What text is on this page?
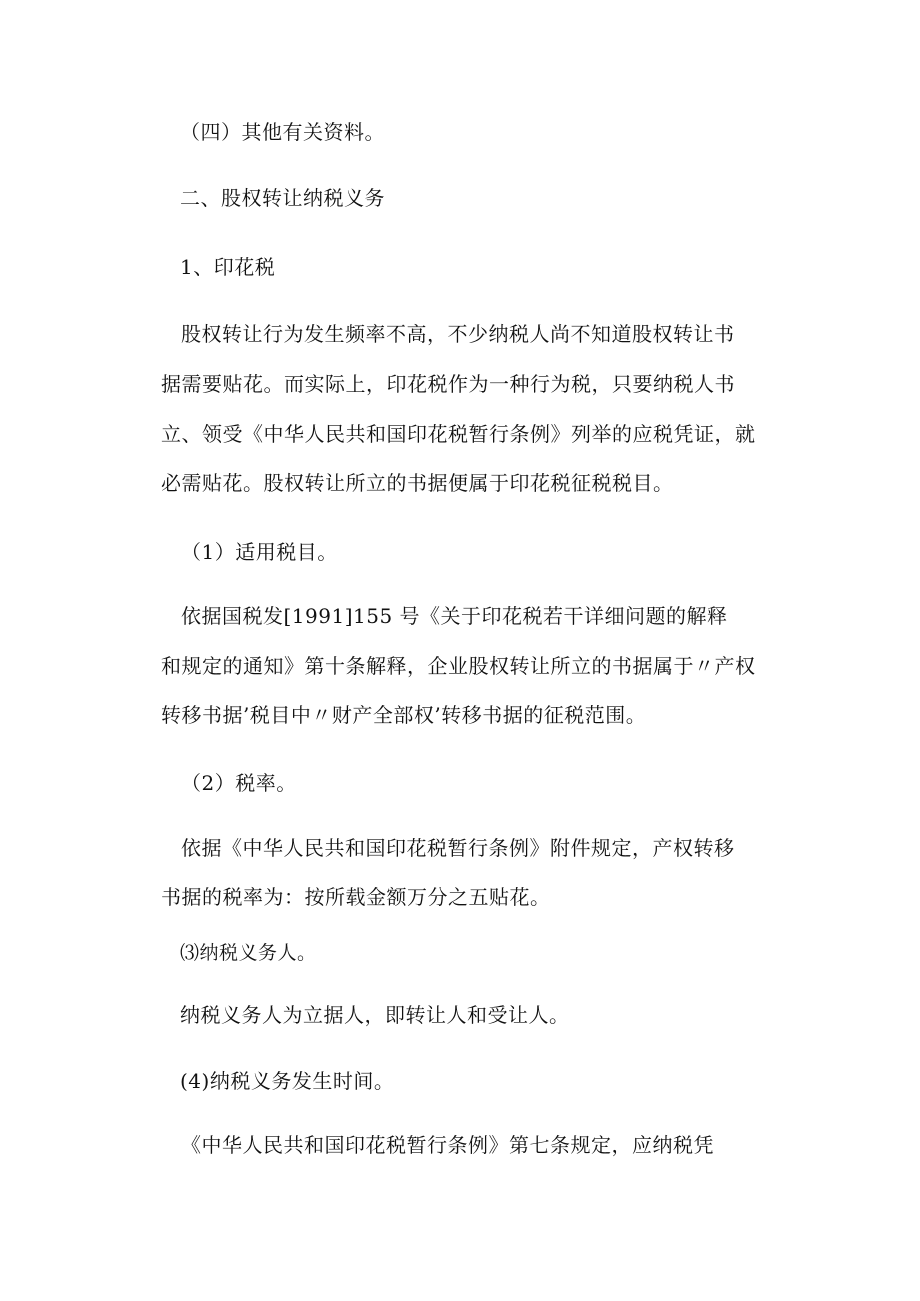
（四）其他有关资料。
二、股权转让纳税义务
1、印花税
股权转让行为发生频率不高，不少纳税人尚不知道股权转让书
据需要贴花。而实际上，印花税作为一种行为税，只要纳税人书
立、领受《中华人民共和国印花税暂行条例》列举的应税凭证，就
必需贴花。股权转让所立的书据便属于印花税征税税目。
（1）适用税目。
依据国税发[1991]155 号《关于印花税若干详细问题的解释
和规定的通知》第十条解释，企业股权转让所立的书据属于〃产权
转移书据’税目中〃财产全部权’转移书据的征税范围。
（2）税率。
依据《中华人民共和国印花税暂行条例》附件规定，产权转移
书据的税率为：按所载金额万分之五贴花。
⑶纳税义务人。
纳税义务人为立据人，即转让人和受让人。
(4)纳税义务发生时间。
《中华人民共和国印花税暂行条例》第七条规定，应纳税凭
